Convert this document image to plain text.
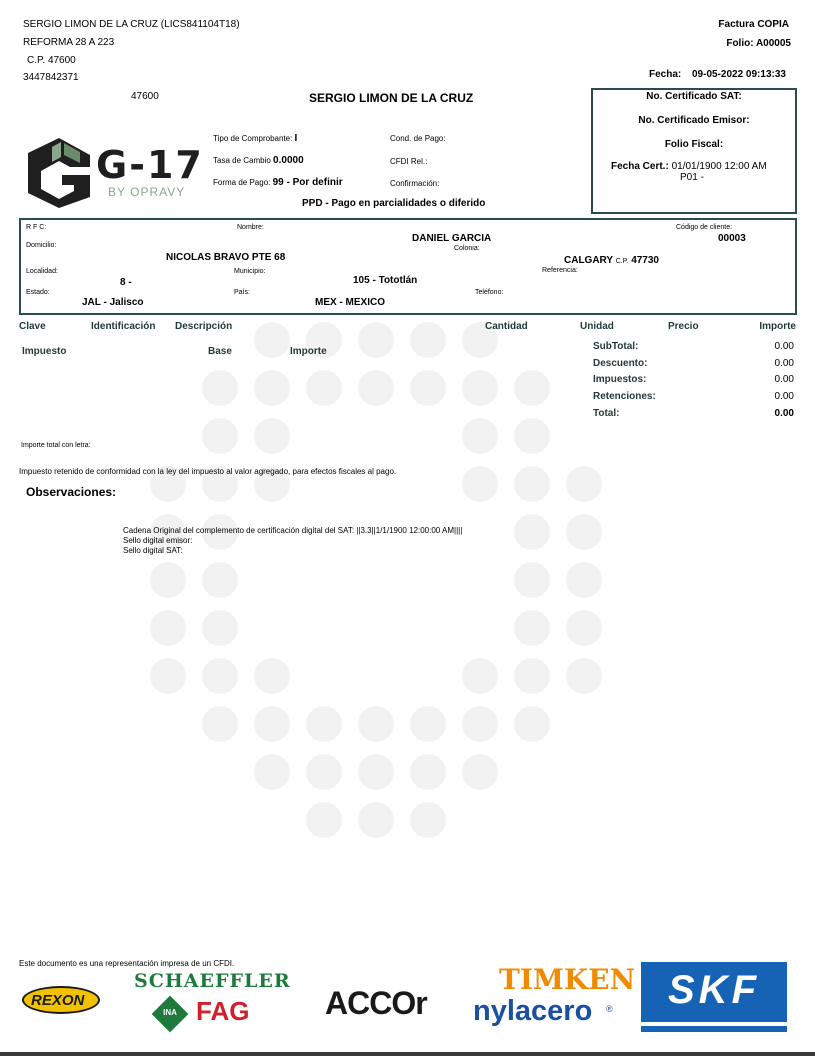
SERGIO LIMON DE LA CRUZ (LICS841104T18)
REFORMA 28 A 223
C.P. 47600
3447842371
47600	SERGIO LIMON DE LA CRUZ
Factura COPIA
Folio: A00005
Fecha: 09-05-2022 09:13:33
No. Certificado SAT:
No. Certificado Emisor:
Folio Fiscal:
Fecha Cert.: 01/01/1900 12:00 AM
P01 -
G-17
BY OPRAVY
Tipo de Comprobante: I
Tasa de Cambio 0.0000
Forma de Pago: 99 - Por definir
Cond. de Pago:
CFDI Rel.:
Confirmación:
PPD - Pago en parcialidades o diferido
R F C:	Nombre:
DANIEL GARCIA
Código de cliente:
00003
Domicilio:	Colonia:
NICOLAS BRAVO PTE 68	CALGARY C.P. 47730
Localidad:	Municipio:	Referencia:
8 -	105 - Tototlán
Estado:	País:	Teléfono:
JAL - Jalisco	MEX - MEXICO
Clave	Identificación Descripción	Cantidad	Unidad	Precio	Importe
Impuesto	Base	Importe	SubTotal:	0.00
Descuento:	0.00
Impuestos:	0.00
Retenciones:	0.00
Total:	0.00
Importe total con letra:
Impuesto retenido de conformidad con la ley del impuesto al valor agregado, para efectos fiscales al pago.
Observaciones:
Cadena Original del complemento de certificación digital del SAT: ||3.3||1/1/1900 12:00:00 AM||||
Sello digital emisor:
Sello digital SAT:
Este documento es una representación impresa de un CFDI.
REXON
SCHAEFFLER
INA FAG ACCOr
TIMKEN
nylacero ®	SKF
